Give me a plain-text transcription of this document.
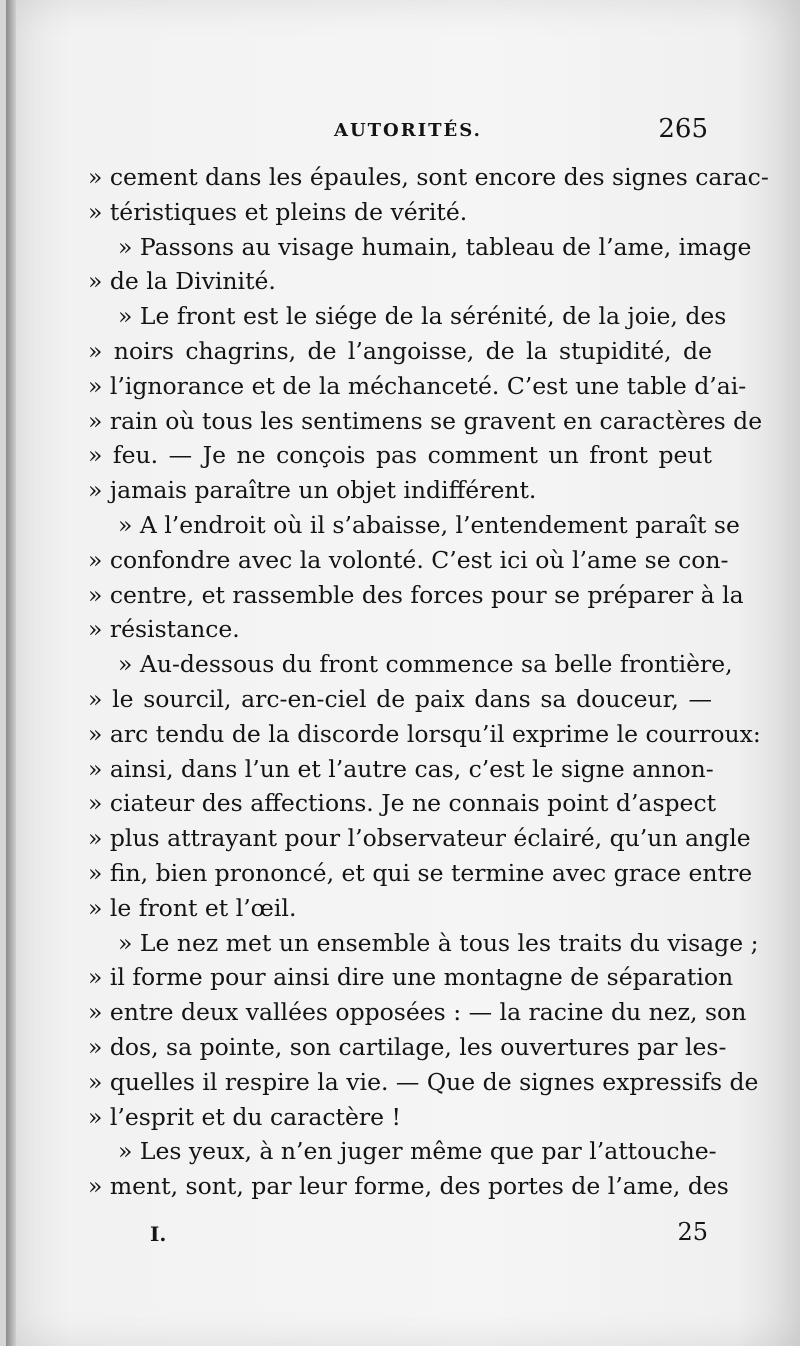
AUTORITÉS.	265
» cement dans les épaules, sont encore des signes carac-
» téristiques et pleins de vérité.
» Passons au visage humain, tableau de l’ame, image
» de la Divinité.
» Le front est le siége de la sérénité, de la joie, des
» noirs chagrins, de l’angoisse, de la stupidité, de
» l’ignorance et de la méchanceté. C’est une table d’ai-
» rain où tous les sentimens se gravent en caractères de
» feu. — Je ne conçois pas comment un front peut
» jamais paraître un objet indifférent.
» A l’endroit où il s’abaisse, l’entendement paraît se
» confondre avec la volonté. C’est ici où l’ame se con-
» centre, et rassemble des forces pour se préparer à la
» résistance.
» Au-dessous du front commence sa belle frontière,
» le sourcil, arc-en-ciel de paix dans sa douceur, —
» arc tendu de la discorde lorsqu’il exprime le courroux:
» ainsi, dans l’un et l’autre cas, c’est le signe annon-
» ciateur des affections. Je ne connais point d’aspect
» plus attrayant pour l’observateur éclairé, qu’un angle
» fin, bien prononcé, et qui se termine avec grace entre
» le front et l’œil.
» Le nez met un ensemble à tous les traits du visage ;
» il forme pour ainsi dire une montagne de séparation
» entre deux vallées opposées : — la racine du nez, son
» dos, sa pointe, son cartilage, les ouvertures par les-
» quelles il respire la vie. — Que de signes expressifs de
» l’esprit et du caractère !
» Les yeux, à n’en juger même que par l’attouche-
» ment, sont, par leur forme, des portes de l’ame, des
I.	25
